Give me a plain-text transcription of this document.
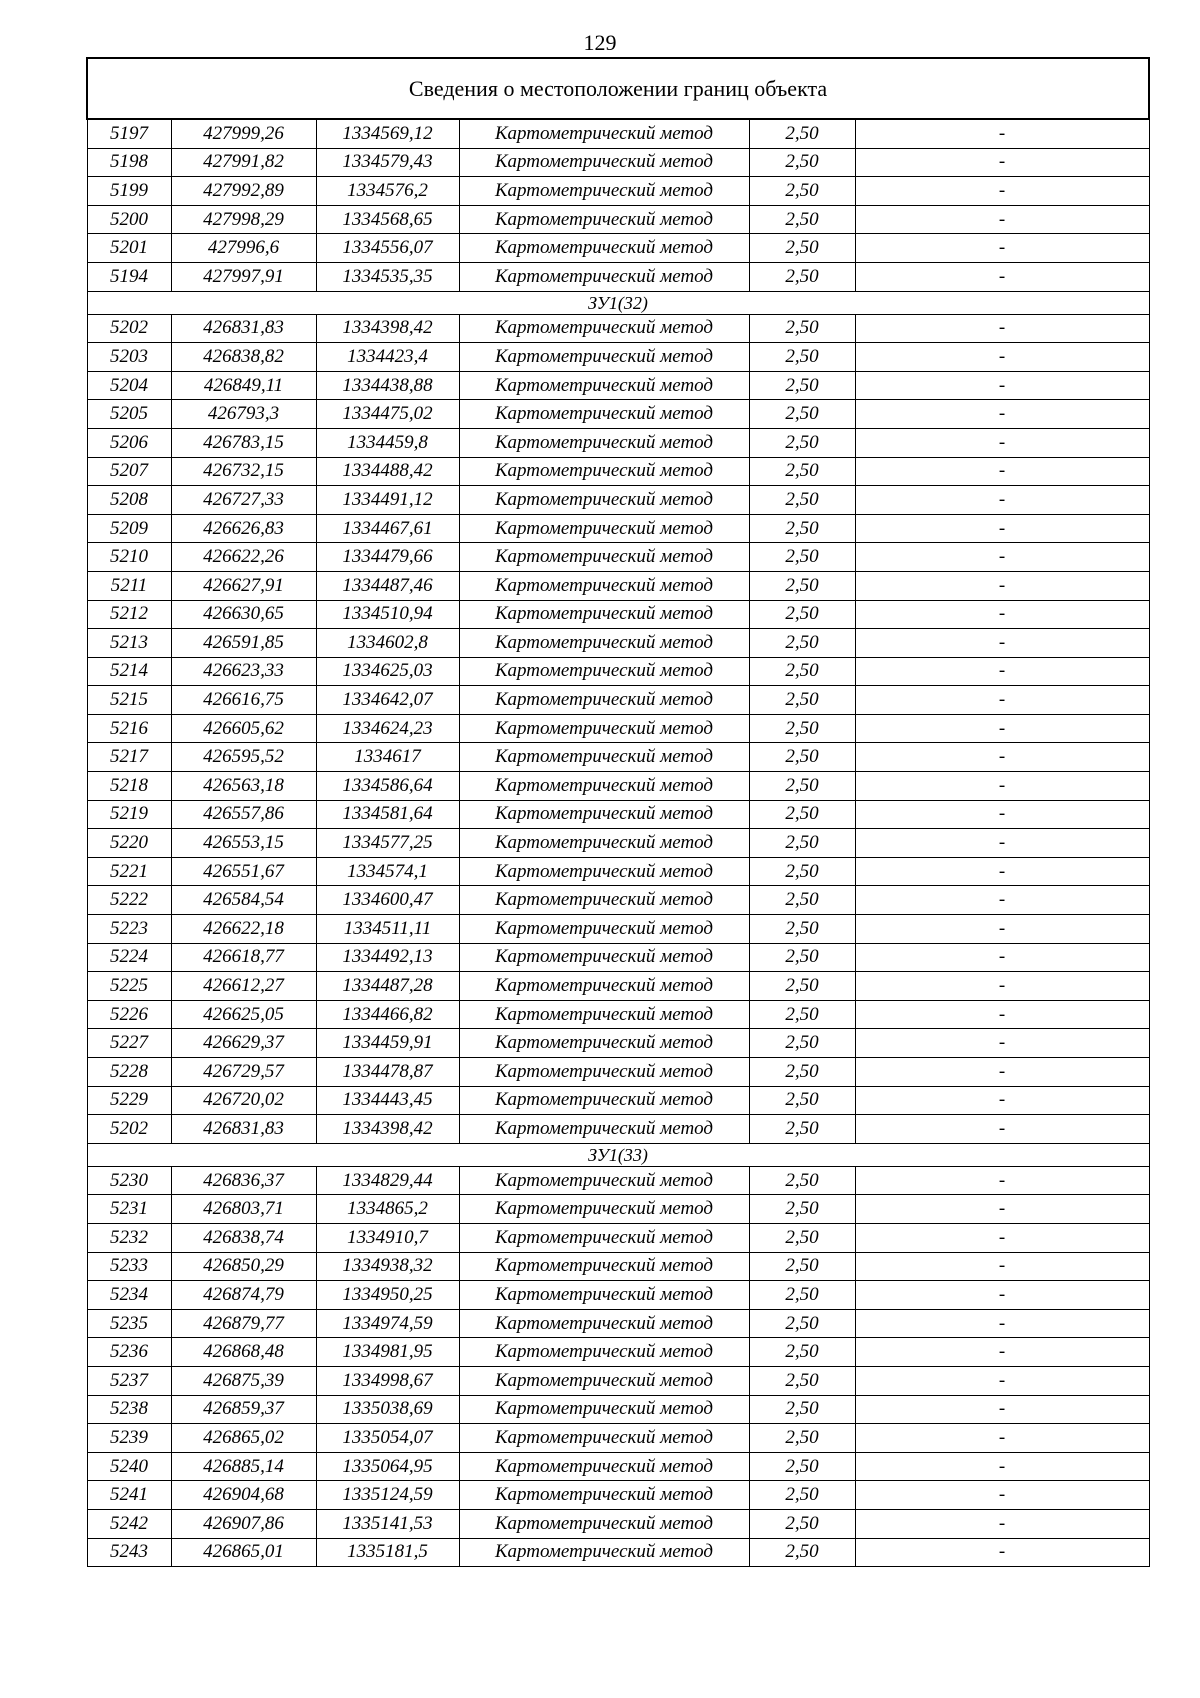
129
Сведения о местоположении границ объекта					
5197	427999,26	1334569,12	Картометрический метод	2,50	-
5198	427991,82	1334579,43	Картометрический метод	2,50	-
5199	427992,89	1334576,2	Картометрический метод	2,50	-
5200	427998,29	1334568,65	Картометрический метод	2,50	-
5201	427996,6	1334556,07	Картометрический метод	2,50	-
5194	427997,91	1334535,35	Картометрический метод	2,50	-
ЗУ1(32)					
5202	426831,83	1334398,42	Картометрический метод	2,50	-
5203	426838,82	1334423,4	Картометрический метод	2,50	-
5204	426849,11	1334438,88	Картометрический метод	2,50	-
5205	426793,3	1334475,02	Картометрический метод	2,50	-
5206	426783,15	1334459,8	Картометрический метод	2,50	-
5207	426732,15	1334488,42	Картометрический метод	2,50	-
5208	426727,33	1334491,12	Картометрический метод	2,50	-
5209	426626,83	1334467,61	Картометрический метод	2,50	-
5210	426622,26	1334479,66	Картометрический метод	2,50	-
5211	426627,91	1334487,46	Картометрический метод	2,50	-
5212	426630,65	1334510,94	Картометрический метод	2,50	-
5213	426591,85	1334602,8	Картометрический метод	2,50	-
5214	426623,33	1334625,03	Картометрический метод	2,50	-
5215	426616,75	1334642,07	Картометрический метод	2,50	-
5216	426605,62	1334624,23	Картометрический метод	2,50	-
5217	426595,52	1334617	Картометрический метод	2,50	-
5218	426563,18	1334586,64	Картометрический метод	2,50	-
5219	426557,86	1334581,64	Картометрический метод	2,50	-
5220	426553,15	1334577,25	Картометрический метод	2,50	-
5221	426551,67	1334574,1	Картометрический метод	2,50	-
5222	426584,54	1334600,47	Картометрический метод	2,50	-
5223	426622,18	1334511,11	Картометрический метод	2,50	-
5224	426618,77	1334492,13	Картометрический метод	2,50	-
5225	426612,27	1334487,28	Картометрический метод	2,50	-
5226	426625,05	1334466,82	Картометрический метод	2,50	-
5227	426629,37	1334459,91	Картометрический метод	2,50	-
5228	426729,57	1334478,87	Картометрический метод	2,50	-
5229	426720,02	1334443,45	Картометрический метод	2,50	-
5202	426831,83	1334398,42	Картометрический метод	2,50	-
ЗУ1(33)					
5230	426836,37	1334829,44	Картометрический метод	2,50	-
5231	426803,71	1334865,2	Картометрический метод	2,50	-
5232	426838,74	1334910,7	Картометрический метод	2,50	-
5233	426850,29	1334938,32	Картометрический метод	2,50	-
5234	426874,79	1334950,25	Картометрический метод	2,50	-
5235	426879,77	1334974,59	Картометрический метод	2,50	-
5236	426868,48	1334981,95	Картометрический метод	2,50	-
5237	426875,39	1334998,67	Картометрический метод	2,50	-
5238	426859,37	1335038,69	Картометрический метод	2,50	-
5239	426865,02	1335054,07	Картометрический метод	2,50	-
5240	426885,14	1335064,95	Картометрический метод	2,50	-
5241	426904,68	1335124,59	Картометрический метод	2,50	-
5242	426907,86	1335141,53	Картометрический метод	2,50	-
5243	426865,01	1335181,5	Картометрический метод	2,50	-
